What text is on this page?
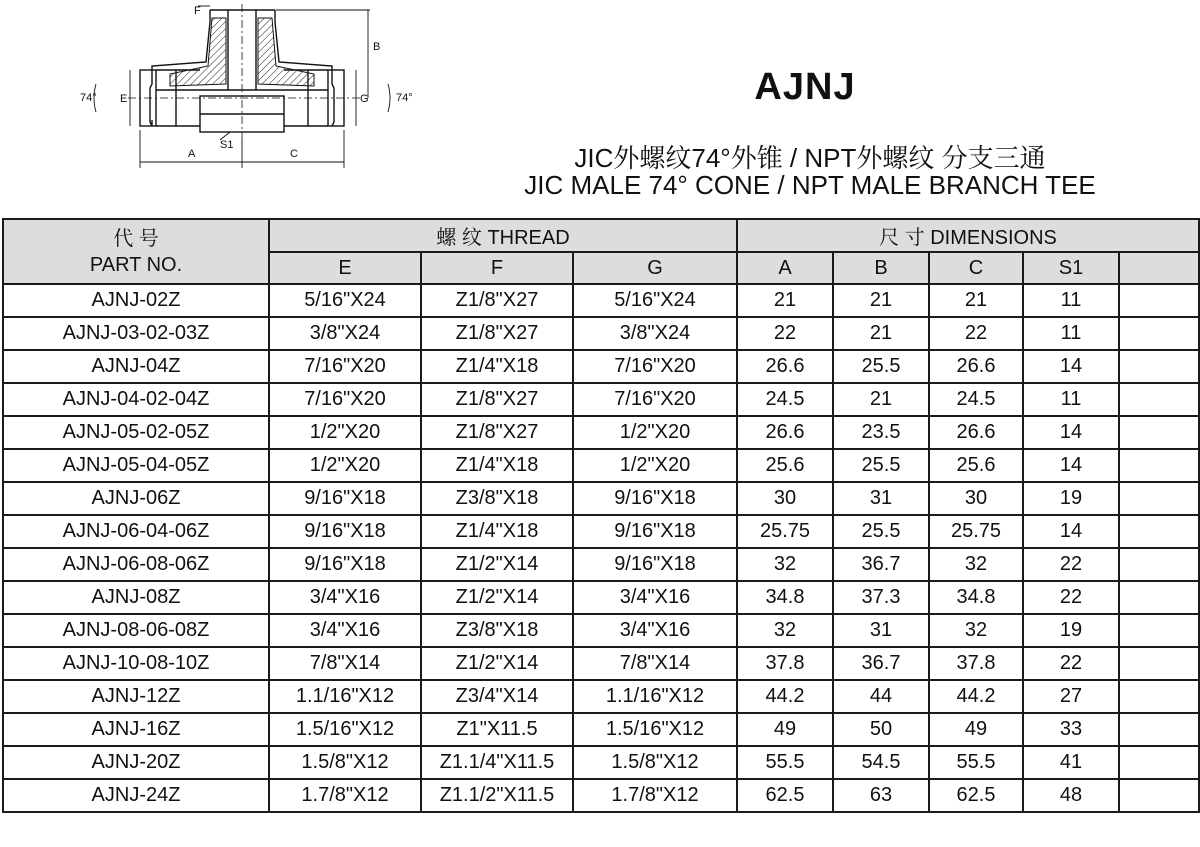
F
B
E	G
A	C
S1
74°	74°	AJNJ
JIC外螺纹74°外锥 / NPT外螺纹 分支三通
JIC MALE 74° CONE / NPT MALE BRANCH TEE
代 号
PART NO.	螺 纹 THREAD			尺 寸 DIMENSIONS				
	E	F	G	A	B	C	S1	
AJNJ-02Z	5/16"X24	Z1/8"X27	5/16"X24	21	21	21	11	
AJNJ-03-02-03Z	3/8"X24	Z1/8"X27	3/8"X24	22	21	22	11	
AJNJ-04Z	7/16"X20	Z1/4"X18	7/16"X20	26.6	25.5	26.6	14	
AJNJ-04-02-04Z	7/16"X20	Z1/8"X27	7/16"X20	24.5	21	24.5	11	
AJNJ-05-02-05Z	1/2"X20	Z1/8"X27	1/2"X20	26.6	23.5	26.6	14	
AJNJ-05-04-05Z	1/2"X20	Z1/4"X18	1/2"X20	25.6	25.5	25.6	14	
AJNJ-06Z	9/16"X18	Z3/8"X18	9/16"X18	30	31	30	19	
AJNJ-06-04-06Z	9/16"X18	Z1/4"X18	9/16"X18	25.75	25.5	25.75	14	
AJNJ-06-08-06Z	9/16"X18	Z1/2"X14	9/16"X18	32	36.7	32	22	
AJNJ-08Z	3/4"X16	Z1/2"X14	3/4"X16	34.8	37.3	34.8	22	
AJNJ-08-06-08Z	3/4"X16	Z3/8"X18	3/4"X16	32	31	32	19	
AJNJ-10-08-10Z	7/8"X14	Z1/2"X14	7/8"X14	37.8	36.7	37.8	22	
AJNJ-12Z	1.1/16"X12	Z3/4"X14	1.1/16"X12	44.2	44	44.2	27	
AJNJ-16Z	1.5/16"X12	Z1"X11.5	1.5/16"X12	49	50	49	33	
AJNJ-20Z	1.5/8"X12	Z1.1/4"X11.5	1.5/8"X12	55.5	54.5	55.5	41	
AJNJ-24Z	1.7/8"X12	Z1.1/2"X11.5	1.7/8"X12	62.5	63	62.5	48	
